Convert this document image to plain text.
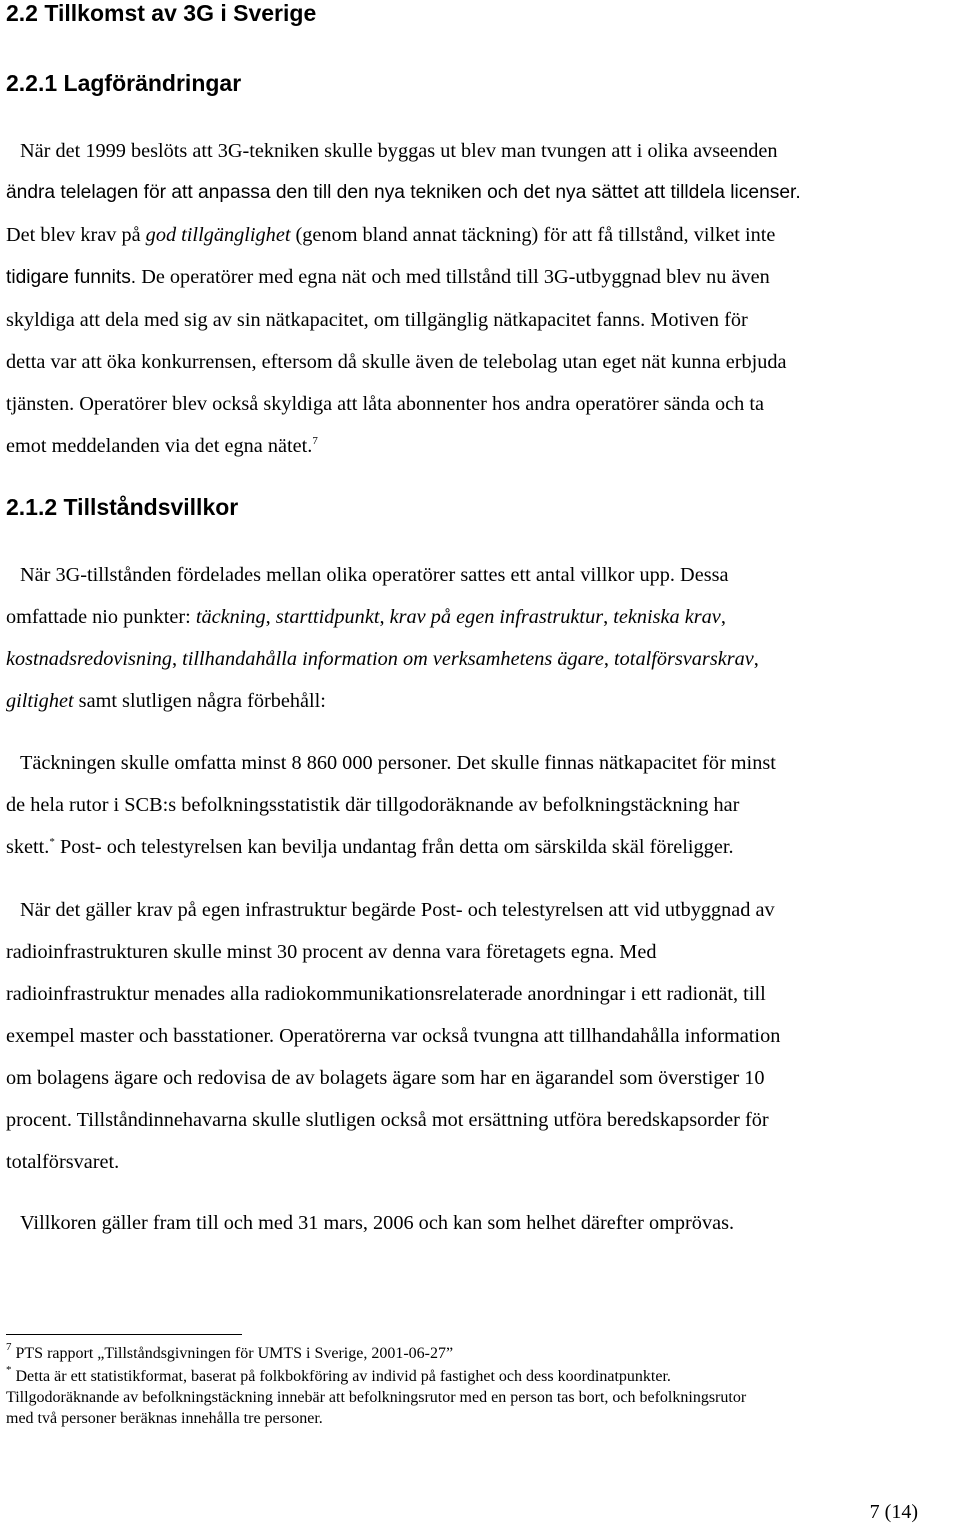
2.2 Tillkomst av 3G i Sverige
2.2.1 Lagförändringar
När det 1999 beslöts att 3G-tekniken skulle byggas ut blev man tvungen att i olika avseenden
ändra telelagen för att anpassa den till den nya tekniken och det nya sättet att tilldela licenser.
Det blev krav på god tillgänglighet (genom bland annat täckning) för att få tillstånd, vilket inte
tidigare funnits. De operatörer med egna nät och med tillstånd till 3G-utbyggnad blev nu även
skyldiga att dela med sig av sin nätkapacitet, om tillgänglig nätkapacitet fanns. Motiven för
detta var att öka konkurrensen, eftersom då skulle även de telebolag utan eget nät kunna erbjuda
tjänsten. Operatörer blev också skyldiga att låta abonnenter hos andra operatörer sända och ta
emot meddelanden via det egna nätet.$^7$
2.1.2 Tillståndsvillkor
När 3G-tillstånden fördelades mellan olika operatörer sattes ett antal villkor upp. Dessa
omfattade nio punkter: täckning, starttidpunkt, krav på egen infrastruktur, tekniska krav,
kostnadsredovisning, tillhandahålla information om verksamhetens ägare, totalförsvarskrav,
giltighet samt slutligen några förbehåll:
Täckningen skulle omfatta minst 8 860 000 personer. Det skulle finnas nätkapacitet för minst
de hela rutor i SCB:s befolkningsstatistik där tillgodoräknande av befolkningstäckning har
skett.* Post- och telestyrelsen kan bevilja undantag från detta om särskilda skäl föreligger.
När det gäller krav på egen infrastruktur begärde Post- och telestyrelsen att vid utbyggnad av
radioinfrastrukturen skulle minst 30 procent av denna vara företagets egna. Med
radioinfrastruktur menades alla radiokommunikationsrelaterade anordningar i ett radionät, till
exempel master och basstationer. Operatörerna var också tvungna att tillhandahålla information
om bolagens ägare och redovisa de av bolagets ägare som har en ägarandel som överstiger 10
procent. Tillståndinnehavarna skulle slutligen också mot ersättning utföra beredskapsorder för
totalförsvaret.
Villkoren gäller fram till och med 31 mars, 2006 och kan som helhet därefter omprövas.
$^7$ PTS rapport „Tillståndsgivningen för UMTS i Sverige, 2001-06-27”
* Detta är ett statistikformat, baserat på folkbokföring av individ på fastighet och dess koordinatpunkter.
Tillgodoräknande av befolkningstäckning innebär att befolkningsrutor med en person tas bort, och befolkningsrutor
med två personer beräknas innehålla tre personer.
7 (14)
